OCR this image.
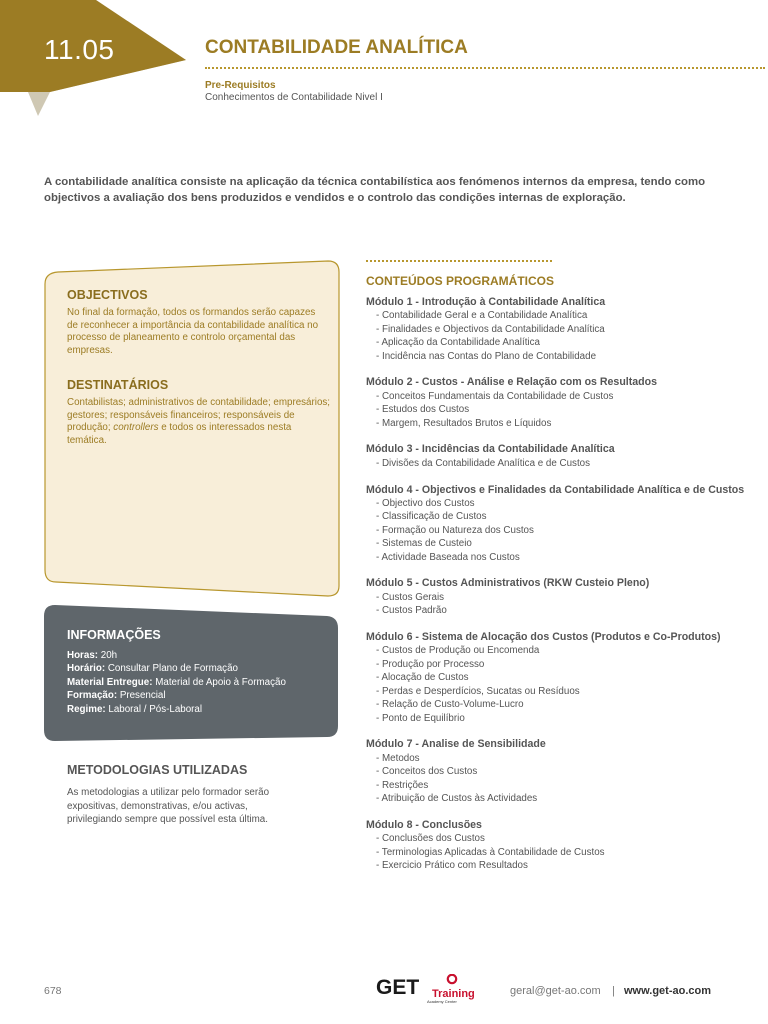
11.05	CONTABILIDADE ANALÍTICA
Pre-Requisitos
Conhecimentos de Contabilidade Nivel I
A contabilidade analítica consiste na aplicação da técnica contabilística aos fenómenos internos da empresa, tendo como objectivos a avaliação dos bens produzidos e vendidos e o controlo das condições internas de exploração.
OBJECTIVOS
No final da formação, todos os formandos serão capazes de reconhecer a importância da contabilidade analítica no processo de planeamento e controlo orçamental das empresas.
DESTINATÁRIOS
Contabilistas; administrativos de contabilidade; empresários; gestores; responsáveis financeiros; responsáveis de produção; controllers e todos os interessados nesta temática.
INFORMAÇÕES
Horas: 20h
Horário: Consultar Plano de Formação
Material Entregue: Material de Apoio à Formação
Formação: Presencial
Regime: Laboral / Pós-Laboral
METODOLOGIAS UTILIZADAS
As metodologias a utilizar pelo formador serão expositivas, demonstrativas, e/ou activas, privilegiando sempre que possível esta última.
CONTEÚDOS PROGRAMÁTICOS
Módulo 1 - Introdução à Contabilidade Analítica
- Contabilidade Geral e a Contabilidade Analítica
- Finalidades e Objectivos da Contabilidade Analítica
- Aplicação da Contabilidade Analítica
- Incidência nas Contas do Plano de Contabilidade
Módulo 2 - Custos - Análise e Relação com os Resultados
- Conceitos Fundamentais da Contabilidade de Custos
- Estudos dos Custos
- Margem, Resultados Brutos e Líquidos
Módulo 3 - Incidências da Contabilidade Analítica
- Divisões da Contabilidade Analítica e de Custos
Módulo 4 - Objectivos e Finalidades da Contabilidade Analítica e de Custos
- Objectivo dos Custos
- Classificação de Custos
- Formação ou Natureza dos Custos
- Sistemas de Custeio
- Actividade Baseada nos Custos
Módulo 5 - Custos Administrativos (RKW Custeio Pleno)
- Custos Gerais
- Custos Padrão
Módulo 6 - Sistema de Alocação dos Custos (Produtos e Co-Produtos)
- Custos de Produção ou Encomenda
- Produção por Processo
- Alocação de Custos
- Perdas e Desperdícios, Sucatas ou Resíduos
- Relação de Custo-Volume-Lucro
- Ponto de Equilíbrio
Módulo 7 - Analise de Sensibilidade
- Metodos
- Conceitos dos Custos
- Restrições
- Atribuição de Custos às Actividades
Módulo 8 - Conclusões
- Conclusões dos Custos
- Terminologias Aplicadas à Contabilidade de Custos
- Exercicio Prático com Resultados
678	GET Training
Academy Center
geral@get-ao.com | www.get-ao.com
